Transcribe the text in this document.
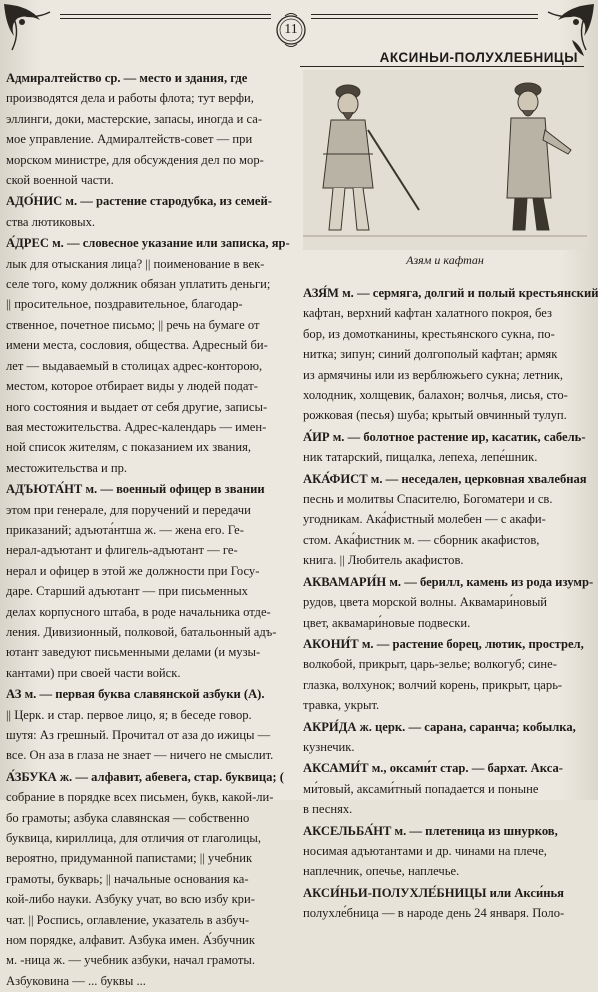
11
АКСИНЬИ-ПОЛУХЛЕБНИЦЫ
Азям и кафтан
Адмиралтейство ср. — место и здания, где
производятся дела и работы флота; тут верфи,
эллинги, доки, мастерские, запасы, иногда и са-
мое управление. Адмиралтейств-совет — при
морском министре, для обсуждения дел по мор-
ской военной части.
АДО́НИС м. — растение стародубка, из семей-
ства лютиковых.
А́ДРЕС м. — словесное указание или записка, яр-
лык для отыскания лица? || поименование в век-
селе того, кому должник обязан уплатить деньги;
|| просительное, поздравительное, благодар-
ственное, почетное письмо; || речь на бумаге от
имени места, сословия, общества. Адресный би-
лет — выдаваемый в столицах адрес-конторою,
местом, которое отбирает виды у людей подат-
ного состояния и выдает от себя другие, записы-
вая местожительства. Адрес-календарь — имен-
ной список жителям, с показанием их звания,
местожительства и пр.
АДЪЮТА́НТ м. — военный офицер в звании
этом при генерале, для поручений и передачи
приказаний; адъюта́нтша ж. — жена его. Ге-
нерал-адъютант и флигель-адъютант — ге-
нерал и офицер в этой же должности при Госу-
даре. Старший адъютант — при письменных
делах корпусного штаба, в роде начальника отде-
ления. Дивизионный, полковой, батальонный адъ-
ютант заведуют письменными делами (и музы-
кантами) при своей части войск.
АЗ м. — первая буква славянской азбуки (А).
|| Церк. и стар. первое лицо, я; в беседе говор.
шутя: Аз грешный. Прочитал от аза до ижицы —
все. Он аза в глаза не знает — ничего не смыслит.
А́ЗБУКА ж. — алфавит, абевега, стар. буквица; (
собрание в порядке всех письмен, букв, какой-ли-
бо грамоты; азбука славянская — собственно
буквица, кириллица, для отличия от глаголицы,
вероятно, придуманной папистами; || учебник
грамоты, букварь; || начальные основания ка-
кой-либо науки. Азбуку учат, во всю избу кри-
чат. || Роспись, оглавление, указатель в азбуч-
ном порядке, алфавит. Азбука имен. А́збучник
м. -ница ж. — учебник азбуки, начал грамоты.
Азбуковина — ... буквы ...
АЗЯ́М м. — сермяга, долгий и полый крестьянский
кафтан, верхний кафтан халатного покроя, без
бор, из домотканины, крестьянского сукна, по-
нитка; зипун; синий долгополый кафтан; армяк
из армячины или из верблюжьего сукна; летник,
холодник, холщевик, балахон; волчья, лисья, сто-
рожковая (песья) шуба; крытый овчинный тулуп.
А́ИР м. — болотное растение ир, касатик, сабель-
ник татарский, пищалка, лепеха, лепе́шник.
АКА́ФИСТ м. — неседален, церковная хвалебная
песнь и молитвы Спасителю, Богоматери и св.
угодникам. Ака́фистный молебен — с акафи-
стом. Ака́фистник м. — сборник акафистов,
книга. || Любитель акафистов.
АКВАМАРИ́Н м. — берилл, камень из рода изумр-
рудов, цвета морской волны. Аквамари́новый
цвет, аквамари́новые подвески.
АКОНИ́Т м. — растение борец, лютик, прострел,
волкобой, прикрыт, царь-зелье; волкогуб; сине-
глазка, волхунок; волчий корень, прикрыт, царь-
травка, укрыт.
АКРИ́ДА ж. церк. — сарана, саранча; кобылка,
кузнечик.
АКСАМИ́Т м., оксами́т стар. — бархат. Акса-
ми́товый, аксами́тный попадается и поныне
в песнях.
АКСЕЛЬБА́НТ м. — плетеница из шнурков,
носимая адъютантами и др. чинами на плече,
наплечник, опечье, наплечье.
АКСИ́НЬИ-ПОЛУХЛЕ́БНИЦЫ или Акси́нья
полухле́бница — в народе день 24 января. Поло-
